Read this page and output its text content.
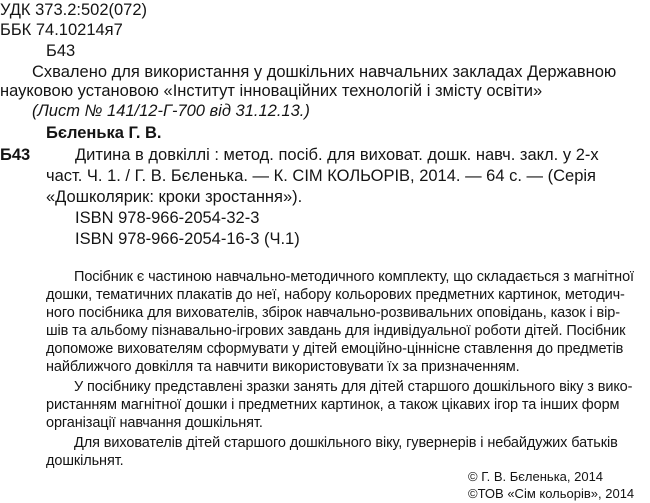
УДК 373.2:502(072)
ББК 74.10214я7
Б43
Схвалено для використання у дошкільних навчальних закладах Державною
науковою установою «Інститут інноваційних технологій і змісту освіти»
(Лист № 141/12-Г-700 від 31.12.13.)
Бєленька Г. В.
Б43	Дитина в довкіллі : метод. посіб. для виховат. дошк. навч. закл. у 2-х
част. Ч. 1. / Г. В. Бєленька. — К. СІМ КОЛЬОРІВ, 2014. — 64 с. — (Серія
«Дошколярик: кроки зростання»).
ISBN 978-966-2054-32-3
ISBN 978-966-2054-16-3 (Ч.1)
Посібник є частиною навчально-методичного комплекту, що складається з магнітної
дошки, тематичних плакатів до неї, набору кольорових предметних картинок, методич-
ного посібника для вихователів, збірок навчально-розвивальних оповідань, казок і вір-
шів та альбому пізнавально-ігрових завдань для індивідуальної роботи дітей. Посібник
допоможе вихователям сформувати у дітей емоційно-ціннісне ставлення до предметів
найближчого довкілля та навчити використовувати їх за призначенням.
У посібнику представлені зразки занять для дітей старшого дошкільного віку з викo-
ристанням магнітної дошки і предметних картинок, а також цікавих ігор та інших форм
організації навчання дошкільнят.
Для вихователів дітей старшого дошкільного віку, гувернерів і небайдужих батьків
дошкільнят.
© Г. В. Бєленька, 2014
©ТОВ «Сім кольорів», 2014
